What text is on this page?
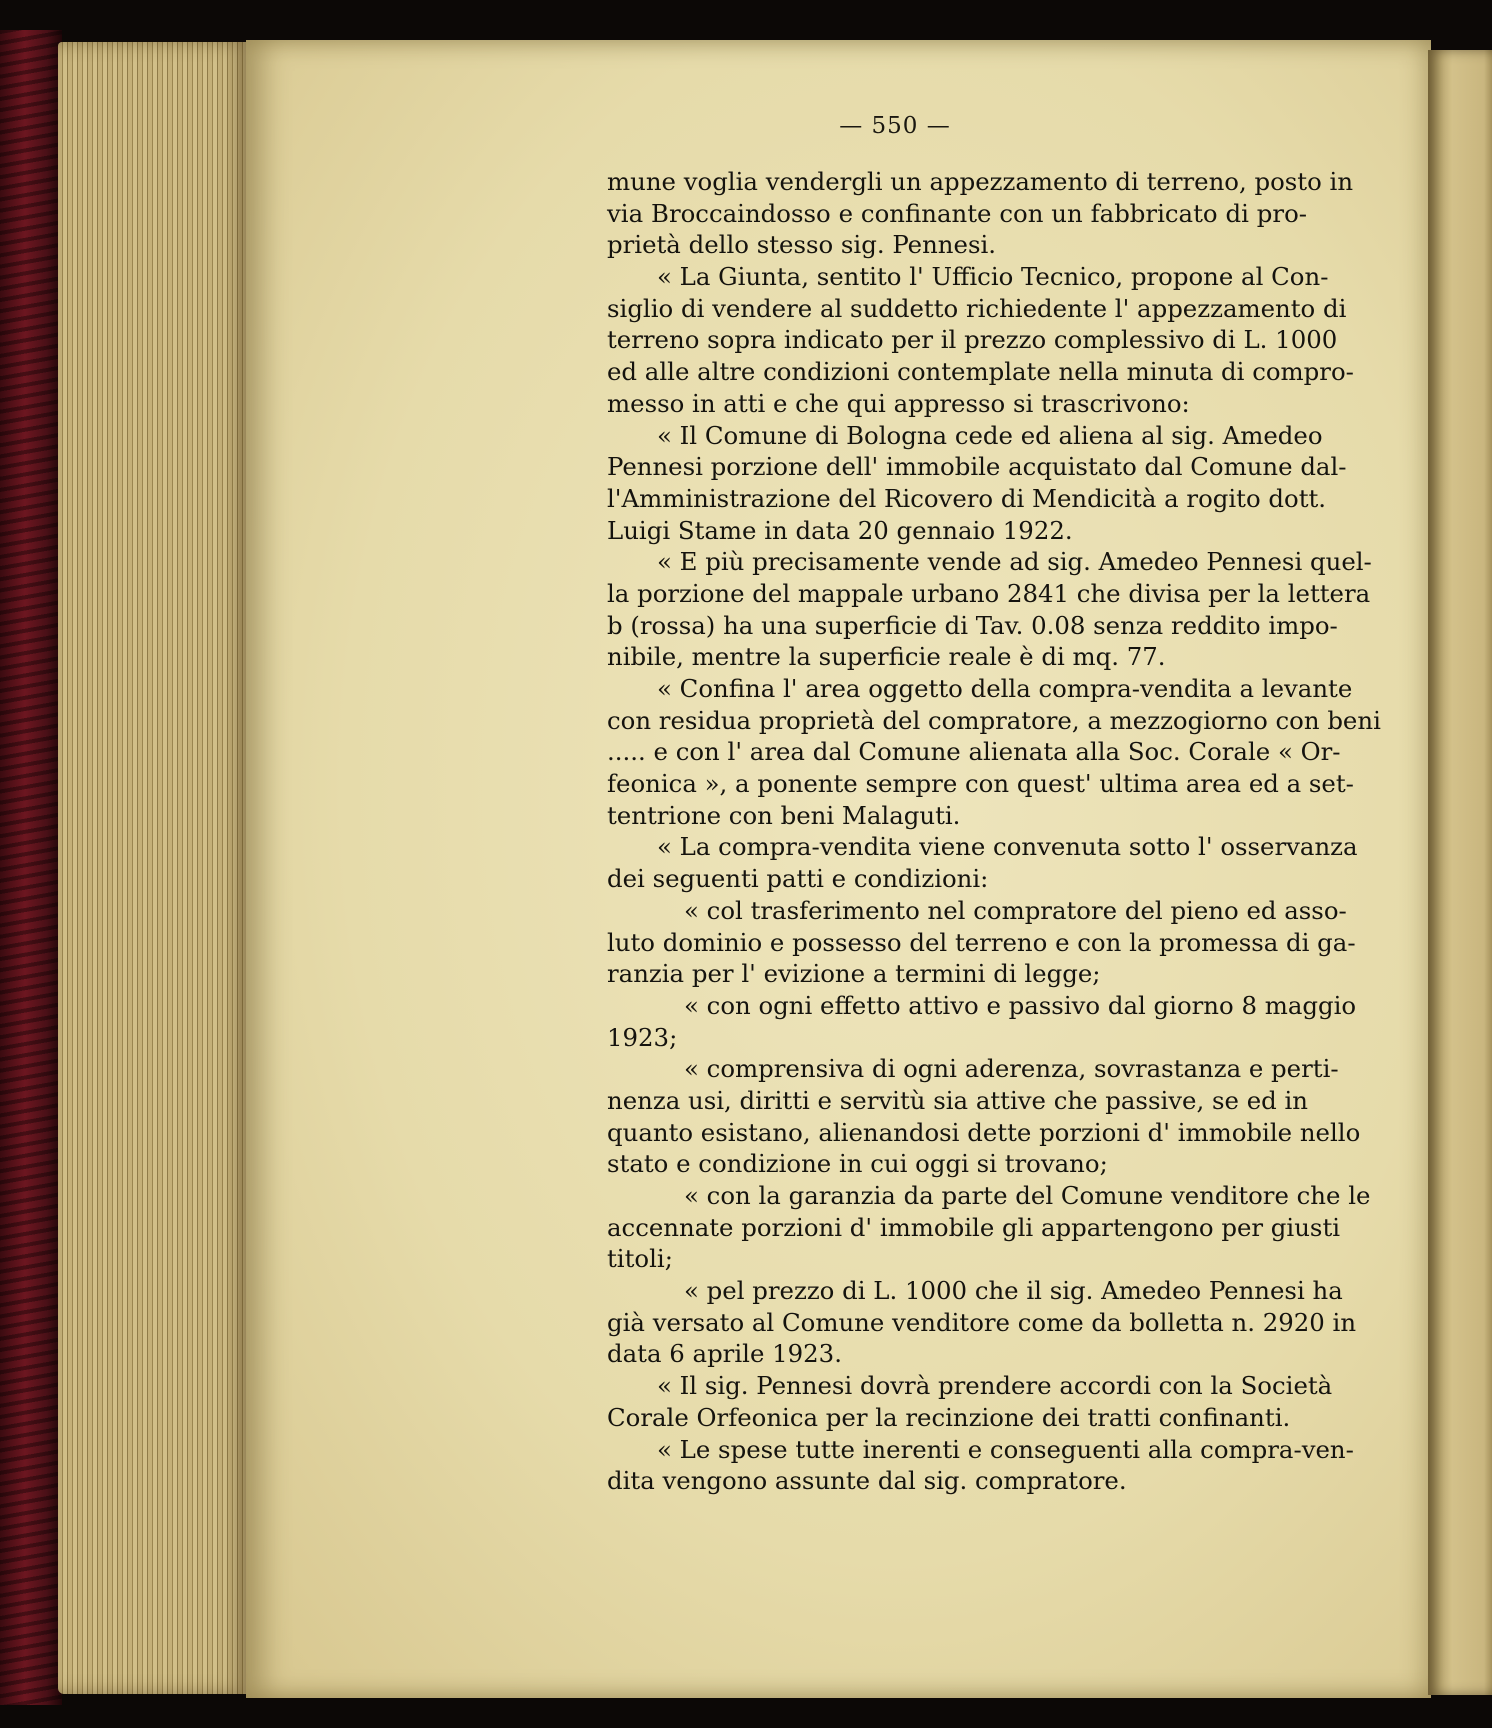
— 550 —
mune voglia vendergli un appezzamento di terreno, posto in
via Broccaindosso e confinante con un fabbricato di pro-
prietà dello stesso sig. Pennesi.
« La Giunta, sentito l' Ufficio Tecnico, propone al Con-
siglio di vendere al suddetto richiedente l' appezzamento di
terreno sopra indicato per il prezzo complessivo di L. 1000
ed alle altre condizioni contemplate nella minuta di compro-
messo in atti e che qui appresso si trascrivono:
« Il Comune di Bologna cede ed aliena al sig. Amedeo
Pennesi porzione dell' immobile acquistato dal Comune dal-
l'Amministrazione del Ricovero di Mendicità a rogito dott.
Luigi Stame in data 20 gennaio 1922.
« E più precisamente vende ad sig. Amedeo Pennesi quel-
la porzione del mappale urbano 2841 che divisa per la lettera
b (rossa) ha una superficie di Tav. 0.08 senza reddito impo-
nibile, mentre la superficie reale è di mq. 77.
« Confina l' area oggetto della compra-vendita a levante
con residua proprietà del compratore, a mezzogiorno con beni
..... e con l' area dal Comune alienata alla Soc. Corale « Or-
feonica », a ponente sempre con quest' ultima area ed a set-
tentrione con beni Malaguti.
« La compra-vendita viene convenuta sotto l' osservanza
dei seguenti patti e condizioni:
« col trasferimento nel compratore del pieno ed asso-
luto dominio e possesso del terreno e con la promessa di ga-
ranzia per l' evizione a termini di legge;
« con ogni effetto attivo e passivo dal giorno 8 maggio
1923;
« comprensiva di ogni aderenza, sovrastanza e perti-
nenza usi, diritti e servitù sia attive che passive, se ed in
quanto esistano, alienandosi dette porzioni d' immobile nello
stato e condizione in cui oggi si trovano;
« con la garanzia da parte del Comune venditore che le
accennate porzioni d' immobile gli appartengono per giusti
titoli;
« pel prezzo di L. 1000 che il sig. Amedeo Pennesi ha
già versato al Comune venditore come da bolletta n. 2920 in
data 6 aprile 1923.
« Il sig. Pennesi dovrà prendere accordi con la Società
Corale Orfeonica per la recinzione dei tratti confinanti.
« Le spese tutte inerenti e conseguenti alla compra-ven-
dita vengono assunte dal sig. compratore.
